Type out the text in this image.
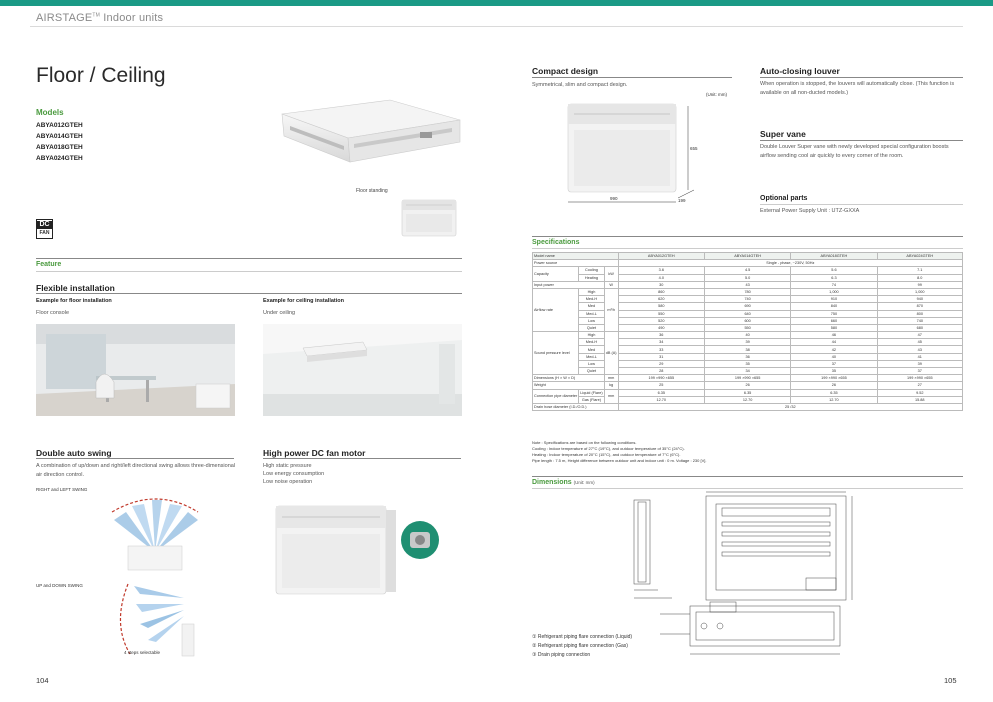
AIRSTAGE™ Indoor units
Floor / Ceiling
Models
ABYA012GTEH
ABYA014GTEH
ABYA018GTEH
ABYA024GTEH
Floor standing
DC
FAN
Feature
Flexible installation
Example for floor installation
Floor console
Example for ceiling installation
Under ceiling
Double auto swing
A combination of up/down and right/left directional swing allows three-dimensional air direction control.
RIGHT and LEFT SWING
UP and DOWN SWING
4 steps selectable
High power DC fan motor
High static pressure
Low energy consumption
Low noise operation
104
Compact design
Symmetrical, slim and compact design.
(Unit: mm)
655
990	199
Auto-closing louver
When operation is stopped, the louvers will automatically close. (This function is available on all non-ducted models.)
Super vane
Double Louver Super vane with newly developed special configuration boosts airflow sending cool air quickly to every corner of the room.
Optional parts
External Power Supply Unit : UTZ-GXXA
Specifications
Model name			ABYA012GTEH	ABYA014GTEH	ABYA018GTEH	ABYA024GTEH
Power source			Single - phase, ~230V, 50Hz			
Capacity	Cooling	kW	3.6	4.5	5.6	7.1
	Heating		4.0	5.0	6.3	8.0
Input power		W	30	43	74	99
Airflow rate	High	m³/h	860	780	1,000	1,000
	Med-H		620	740	910	940
	Med		580	690	840	870
	Med-L		550	640	750	800
	Low		520	600	660	740
	Quiet		490	550	580	680
Sound pressure level	High	dB (A)	36	40	46	47
	Med-H		34	39	44	45
	Med		33	38	42	43
	Med-L		31	36	40	41
	Low		29	35	37	39
	Quiet		28	34	35	37
Dimensions (H × W × D)		mm	199 ×990 ×655	199 ×990 ×655	199 ×990 ×655	199 ×990 ×655
Weight		kg	25	26	26	27
Connection pipe diameter	Liquid (Flare)	mm	6.35	6.35	6.35	9.52
	Gas (Flare)		12.70	12.70	12.70	15.88
Drain hose diameter (I.D./O.D.)			25 /32			
Note : Specifications are based on the following conditions.
Cooling : Indoor temperature of 27°C (19°C), and outdoor temperature of 35°C (24°C).
Heating : Indoor temperature of 20°C (15°C), and outdoor temperature of 7°C (6°C).
Pipe length : 7.5 m, Height difference between outdoor unit and indoor unit : 0 m. Voltage : 230 [V].
Dimensions (Unit: mm)
① Refrigerant piping flare connection (Liquid)
② Refrigerant piping flare connection (Gas)
③ Drain piping connection
105
